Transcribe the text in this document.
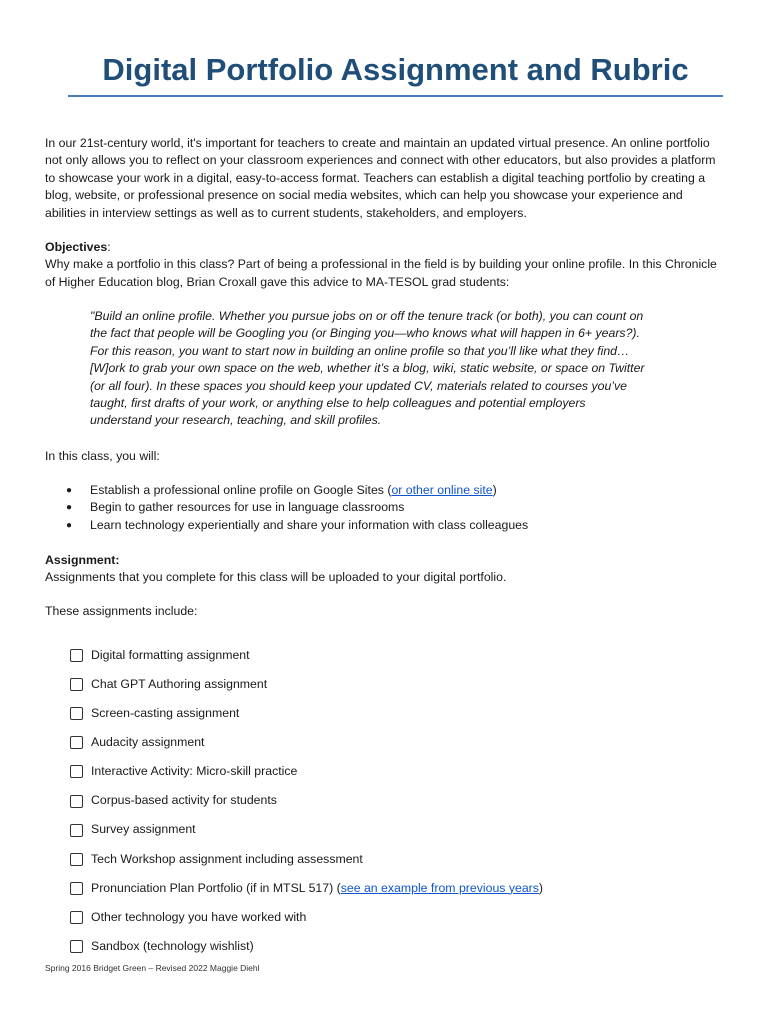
Digital Portfolio Assignment and Rubric

In our 21st-century world, it's important for teachers to create and maintain an updated virtual presence. An online portfolio not only allows you to reflect on your classroom experiences and connect with other educators, but also provides a platform to showcase your work in a digital, easy-to-access format. Teachers can establish a digital teaching portfolio by creating a blog, website, or professional presence on social media websites, which can help you showcase your experience and abilities in interview settings as well as to current students, stakeholders, and employers.

Objectives:
Why make a portfolio in this class? Part of being a professional in the field is by building your online profile. In this Chronicle of Higher Education blog, Brian Croxall gave this advice to MA-TESOL grad students:

"Build an online profile. Whether you pursue jobs on or off the tenure track (or both), you can count on the fact that people will be Googling you (or Binging you—who knows what will happen in 6+ years?). For this reason, you want to start now in building an online profile so that you’ll like what they find… [W]ork to grab your own space on the web, whether it’s a blog, wiki, static website, or space on Twitter (or all four). In these spaces you should keep your updated CV, materials related to courses you’ve taught, first drafts of your work, or anything else to help colleagues and potential employers understand your research, teaching, and skill profiles.

In this class, you will:
● Establish a professional online profile on Google Sites (or other online site)
● Begin to gather resources for use in language classrooms
● Learn technology experientially and share your information with class colleagues
Assignment:
Assignments that you complete for this class will be uploaded to your digital portfolio.
These assignments include:
Digital formatting assignment
Chat GPT Authoring assignment
Screen-casting assignment
Audacity assignment
Interactive Activity: Micro-skill practice
Corpus-based activity for students
Survey assignment
Tech Workshop assignment including assessment
Pronunciation Plan Portfolio (if in MTSL 517) ( see an example from previous years )
Other technology you have worked with
Sandbox (technology wishlist)
Spring 2016 Bridget Green – Revised 2022 Maggie Diehl
